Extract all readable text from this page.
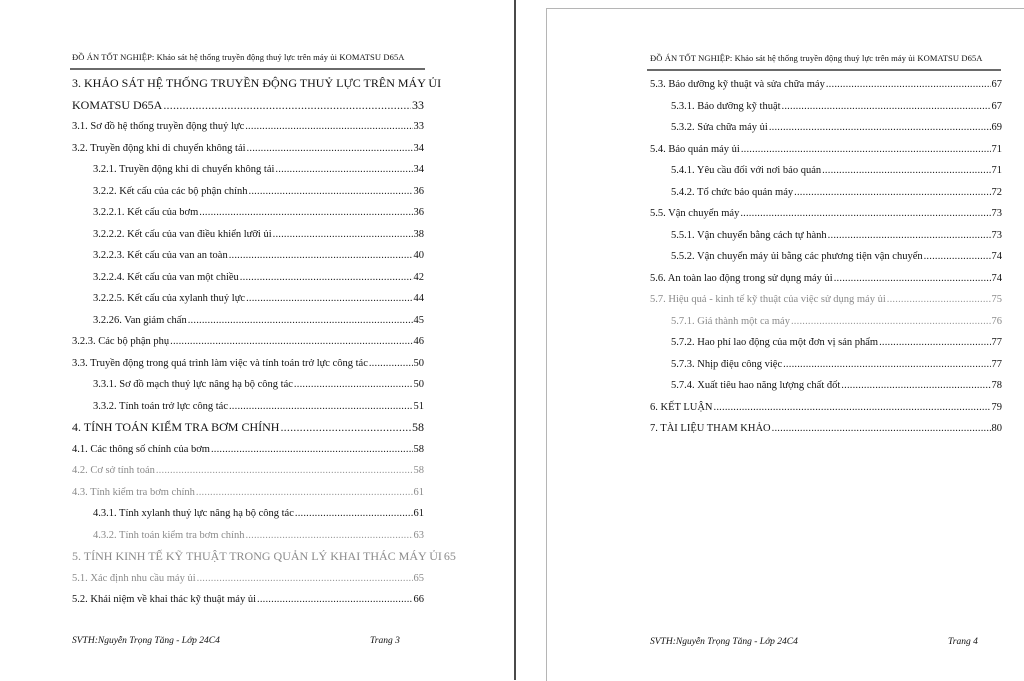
ĐỒ ÁN TỐT NGHIỆP: Khảo sát hệ thống truyền động thuỷ lực trên máy ủi KOMATSU D65A
3. KHẢO SÁT HỆ THỐNG TRUYỀN ĐỘNG THUỶ LỰC TRÊN MÁY ỦI
KOMATSU D65A .....	33
3.1. Sơ đồ hệ thống truyền động thuỷ lực .....	33
3.2. Truyền động khi di chuyển không tải .....	34
3.2.1. Truyền động khi di chuyển không tải .....	34
3.2.2. Kết cấu của các bộ phận chính .....	36
3.2.2.1. Kết cấu của bơm .....	36
3.2.2.2. Kết cấu của van điều khiển lưỡi ủi .....	38
3.2.2.3. Kết cấu của van an toàn .....	40
3.2.2.4. Kết cấu của van một chiều .....	42
3.2.2.5. Kết cấu của xylanh thuỷ lực .....	44
3.2.26. Van giảm chấn .....	45
3.2.3. Các bộ phận phụ .....	46
3.3. Truyền động trong quá trình làm việc và tính toán trở lực công tác .....	50
3.3.1. Sơ đồ mạch thuỷ lực nâng hạ bộ công tác .....	50
3.3.2. Tính toán trở lực công tác .....	51
4. TÍNH TOÁN KIỂM TRA BƠM CHÍNH .....	58
4.1. Các thông số chính của bơm .....	58
4.2. Cơ sở tính toán .....	58
4.3. Tính kiểm tra bơm chính .....	61
4.3.1. Tính xylanh thuỷ lực nâng hạ bộ công tác .....	61
4.3.2. Tính toán kiểm tra bơm chính .....	63
5. TÍNH KINH TẾ KỸ THUẬT TRONG QUẢN LÝ KHAI THÁC MÁY ỦI 65
5.1. Xác định nhu cầu máy ủi .....	65
5.2. Khái niệm về khai thác kỹ thuật máy ủi .....	66
SVTH:Nguyễn Trọng Tăng - Lớp 24C4	Trang 3
ĐỒ ÁN TỐT NGHIỆP: Khảo sát hệ thống truyền động thuỷ lực trên máy ủi KOMATSU D65A
5.3. Bảo dưỡng kỹ thuật và sửa chữa máy .....	67
5.3.1. Bảo dưỡng kỹ thuật .....	67
5.3.2. Sửa chữa máy ủi .....	69
5.4. Bảo quản máy ủi .....	71
5.4.1. Yêu cầu đối với nơi bảo quản .....	71
5.4.2. Tổ chức bảo quản máy .....	72
5.5. Vận chuyển máy .....	73
5.5.1. Vận chuyển bằng cách tự hành .....	73
5.5.2. Vận chuyển máy ủi bằng các phương tiện vận chuyển .....	74
5.6. An toàn lao động trong sử dụng máy ủi .....	74
5.7. Hiệu quả - kinh tế kỹ thuật của việc sử dụng máy ủi .....	75
5.7.1. Giá thành một ca máy .....	76
5.7.2. Hao phí lao động của một đơn vị sản phẩm .....	77
5.7.3. Nhịp điệu công việc .....	77
5.7.4. Xuất tiêu hao năng lượng chất đốt .....	78
6. KẾT LUẬN .....	79
7. TÀI LIỆU THAM KHẢO .....	80
SVTH:Nguyễn Trọng Tăng - Lớp 24C4	Trang 4
